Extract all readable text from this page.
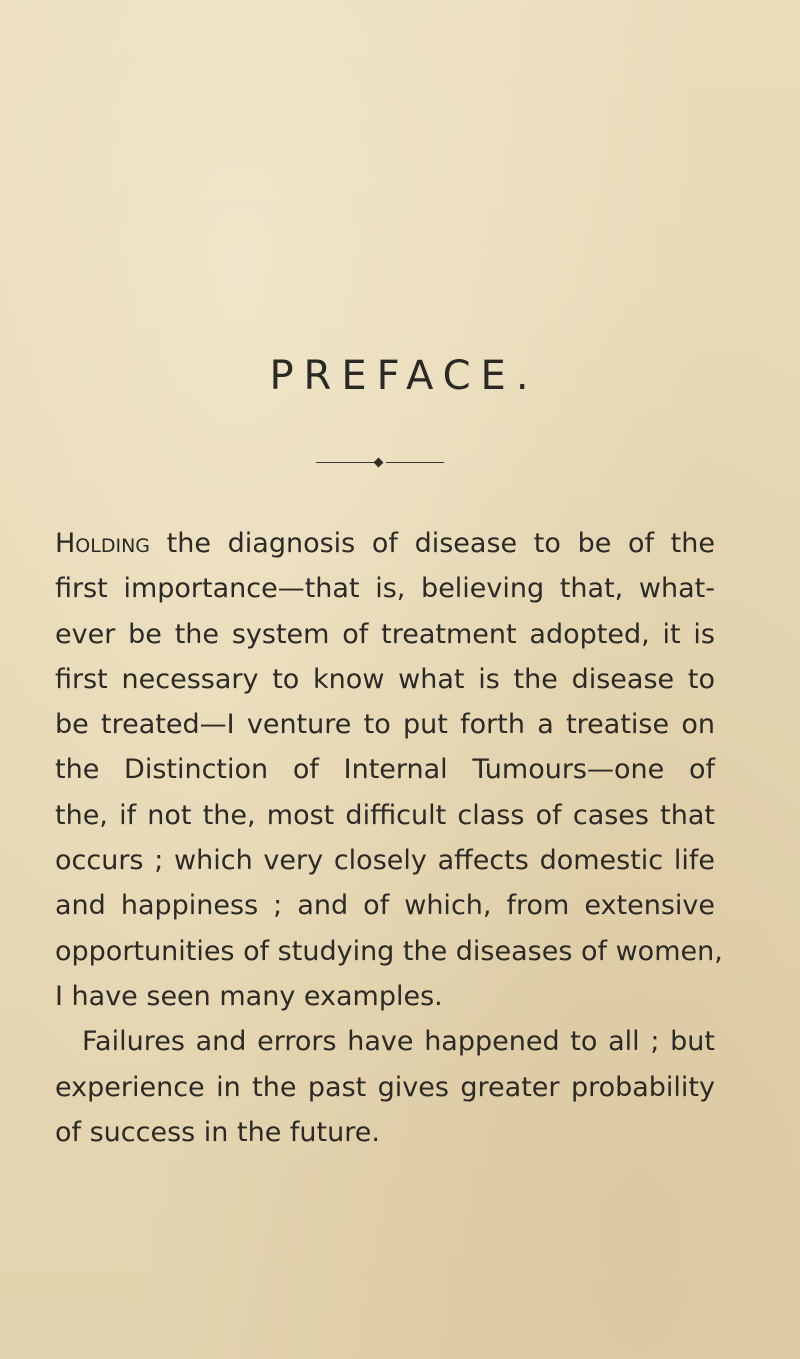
PREFACE.
Holding the diagnosis of disease to be of the
first importance—that is, believing that, what-
ever be the system of treatment adopted, it is
first necessary to know what is the disease to
be treated—I venture to put forth a treatise on
the Distinction of Internal Tumours—one of
the, if not the, most difficult class of cases that
occurs ; which very closely affects domestic life
and happiness ; and of which, from extensive
opportunities of studying the diseases of women,
I have seen many examples.
Failures and errors have happened to all ; but
experience in the past gives greater probability
of success in the future.
